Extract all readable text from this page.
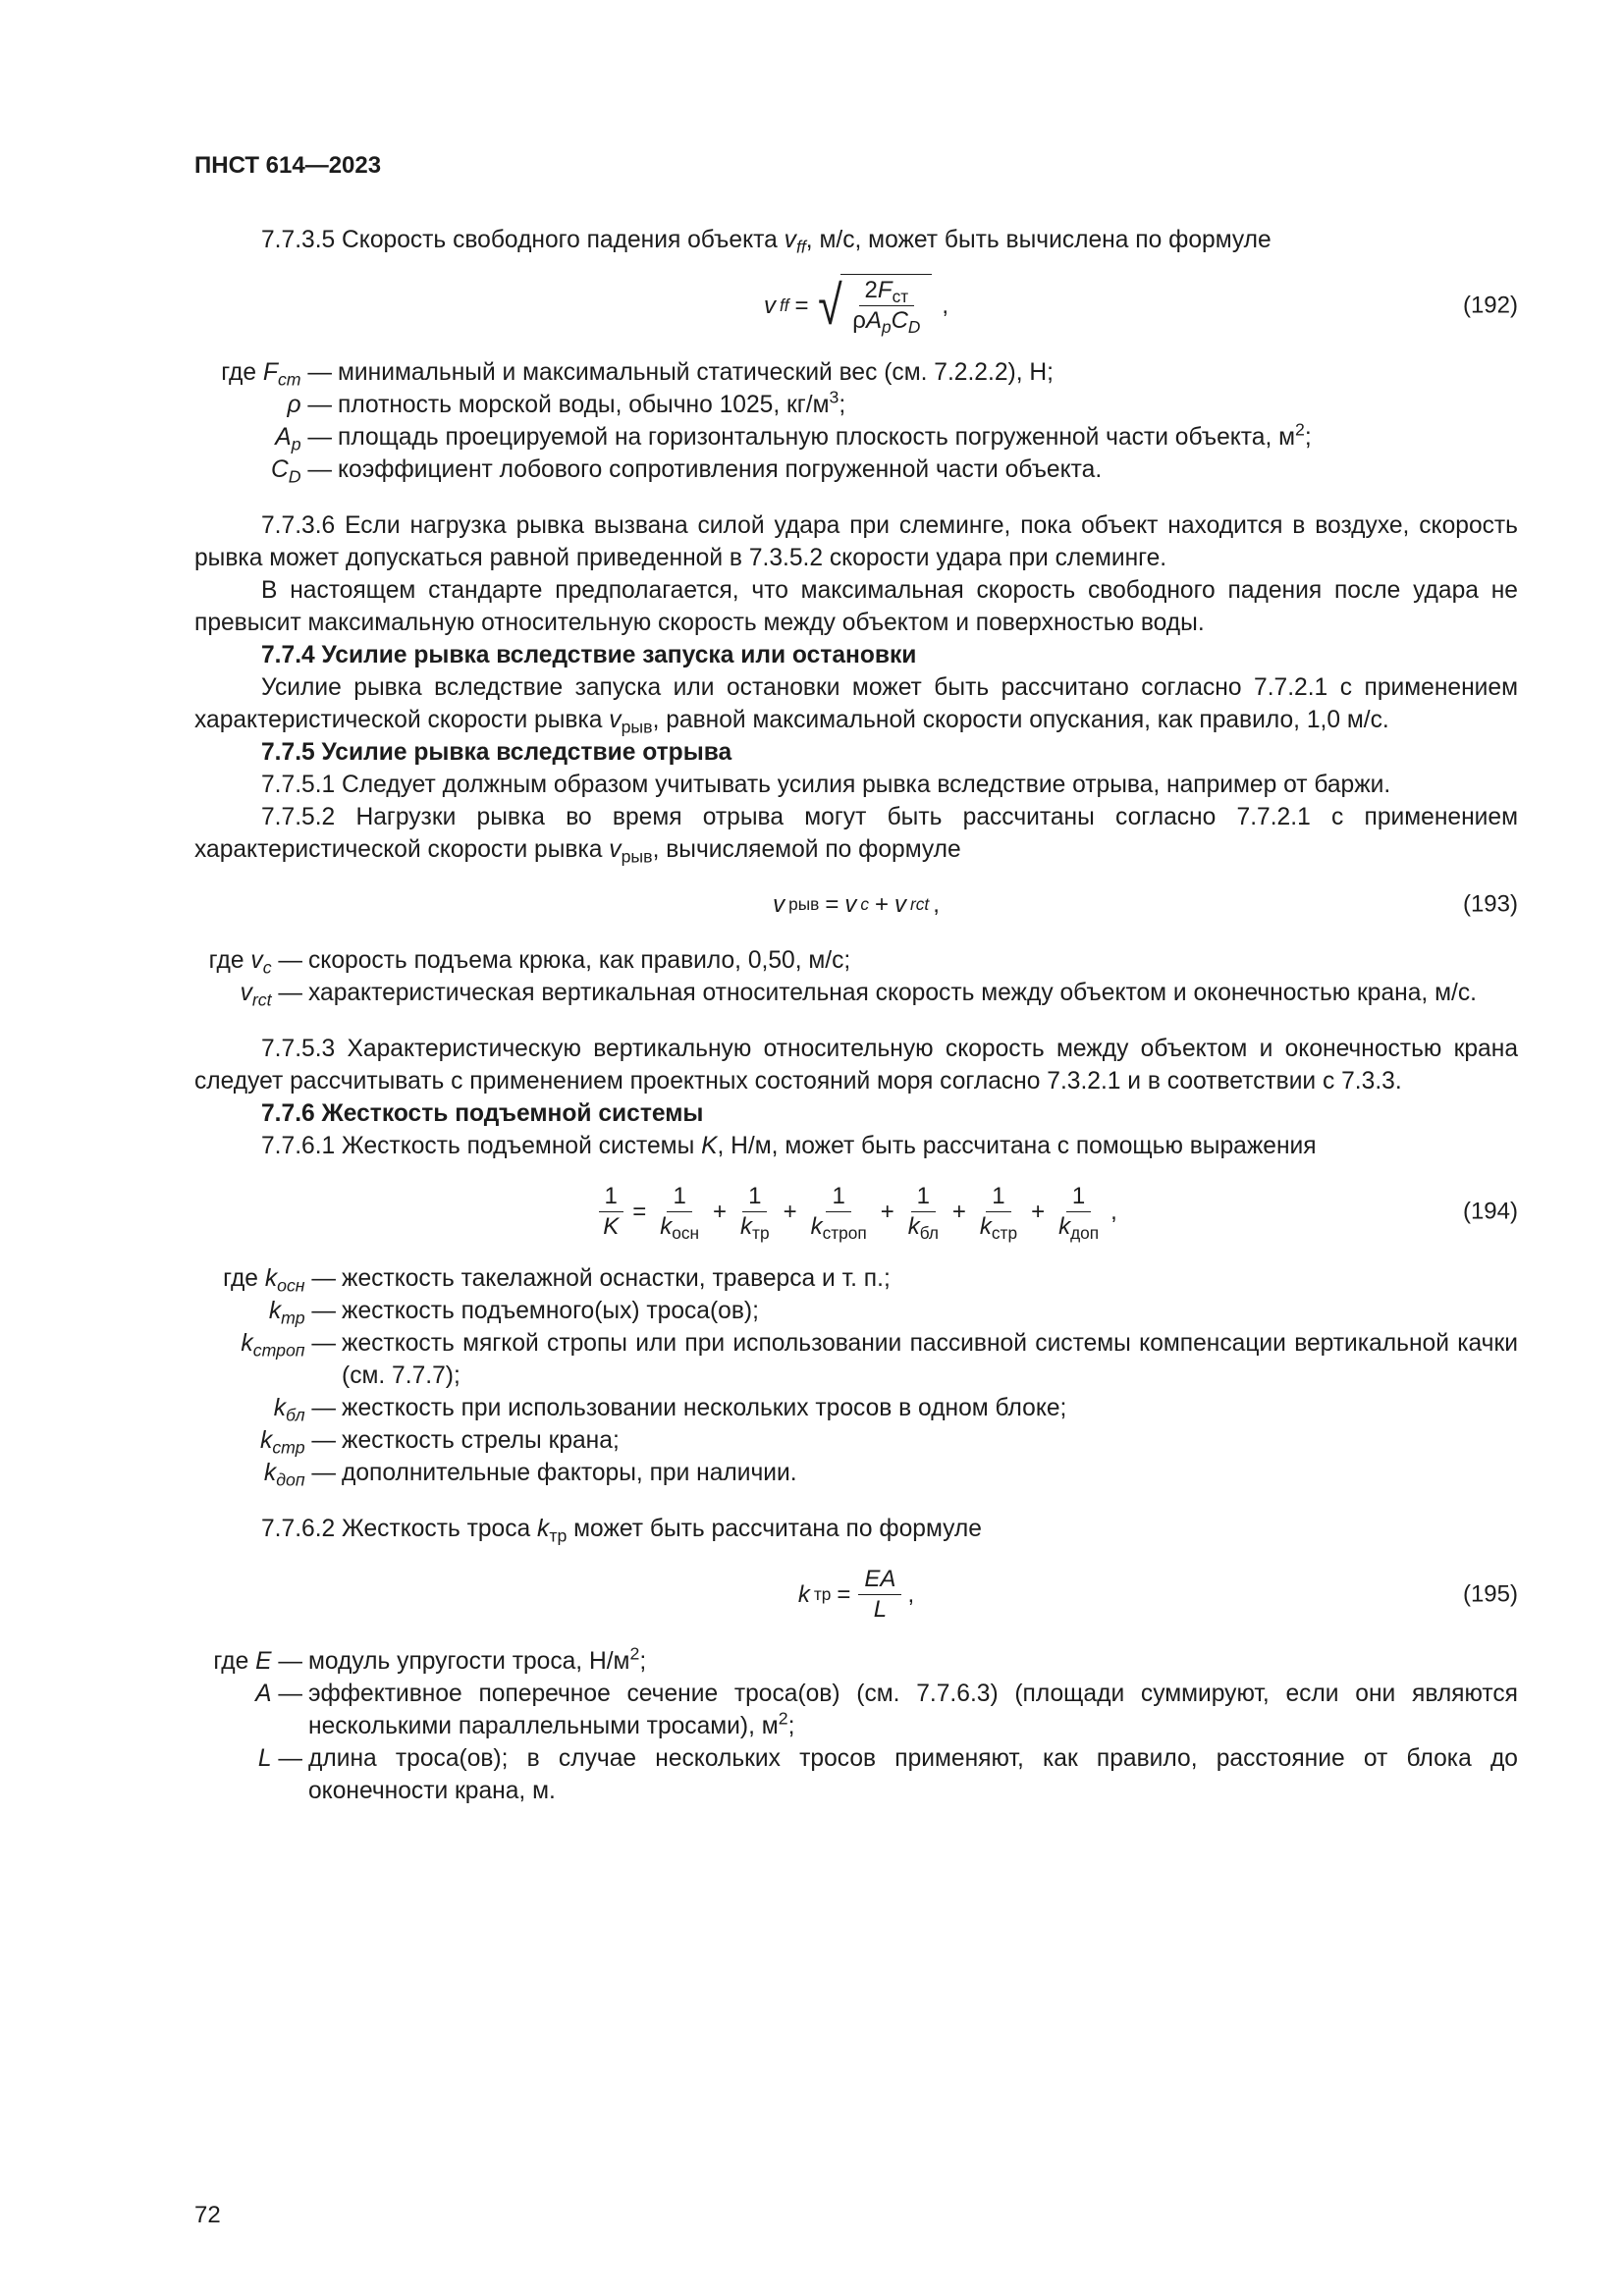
ПНСТ 614—2023

7.7.3.5 Скорость свободного падения объекта $v_{ff}$, м/с, может быть вычислена по формуле

v ff = √ $\frac{2F_{ст}}{\rho A_pC_D}$ ,	(192)
где $F_{ст}$ — минимальный и максимальный статический вес (см. 7.2.2.2), Н;
ρ — плотность морской воды, обычно 1025, $кг/м^3$;
$A_p$ — площадь проецируемой на горизонтальную плоскость погруженной части объекта, $м^2$;
$C_D$ — коэффициент лобового сопротивления погруженной части объекта.

7.7.3.6 Если нагрузка рывка вызвана силой удара при слеминге, пока объект находится в воздухе, скорость рывка может допускаться равной приведенной в 7.3.5.2 скорости удара при слеминге.

В настоящем стандарте предполагается, что максимальная скорость свободного падения после удара не превысит максимальную относительную скорость между объектом и поверхностью воды.

7.7.4 Усилие рывка вследствие запуска или остановки

Усилие рывка вследствие запуска или остановки может быть рассчитано согласно 7.7.2.1 с применением характеристической скорости рывка $v_{рыв}$, равной максимальной скорости опускания, как правило, 1,0 м/с.

7.7.5 Усилие рывка вследствие отрыва

7.7.5.1 Следует должным образом учитывать усилия рывка вследствие отрыва, например от баржи.

7.7.5.2 Нагрузки рывка во время отрыва могут быть рассчитаны согласно 7.7.2.1 с применением характеристической скорости рывка $v_{рыв}$, вычисляемой по формуле

v рыв = v c + v rct ,	(193)
где $v_c$ — скорость подъема крюка, как правило, 0,50, м/с;
$v_{rct}$ — характеристическая вертикальная относительная скорость между объектом и оконечностью крана, м/с.

7.7.5.3 Характеристическую вертикальную относительную скорость между объектом и оконечностью крана следует рассчитывать с применением проектных состояний моря согласно 7.3.2.1 и в соответствии с 7.3.3.

7.7.6 Жесткость подъемной системы

7.7.6.1 Жесткость подъемной системы K, Н/м, может быть рассчитана с помощью выражения

$\frac{1}{K} = \frac{1}{k_{осн}} + \frac{1}{k_{тр}} + \frac{1}{k_{строп}} + \frac{1}{k_{бл}} + \frac{1}{k_{стр}} + \frac{1}{k_{доп}}$ ,	(194)
где $k_{осн}$ — жесткость такелажной оснастки, траверса и т. п.;
$k_{тр}$ — жесткость подъемного(ых) троса(ов);
$k_{строп}$ — жесткость мягкой стропы или при использовании пассивной системы компенсации вертикальной качки (см. 7.7.7);
$k_{бл}$ — жесткость при использовании нескольких тросов в одном блоке;
$k_{стр}$ — жесткость стрелы крана;
$k_{доп}$ — дополнительные факторы, при наличии.

7.7.6.2 Жесткость троса $k_{тр}$ может быть рассчитана по формуле

k тр = $\frac{EA}{L}$ ,	(195)
где E — модуль упругости троса, $Н/м^2$;
A — эффективное поперечное сечение троса(ов) (см. 7.7.6.3) (площади суммируют, если они являются несколькими параллельными тросами), $м^2$;
L — длина троса(ов); в случае нескольких тросов применяют, как правило, расстояние от блока до оконечности крана, м.
72
